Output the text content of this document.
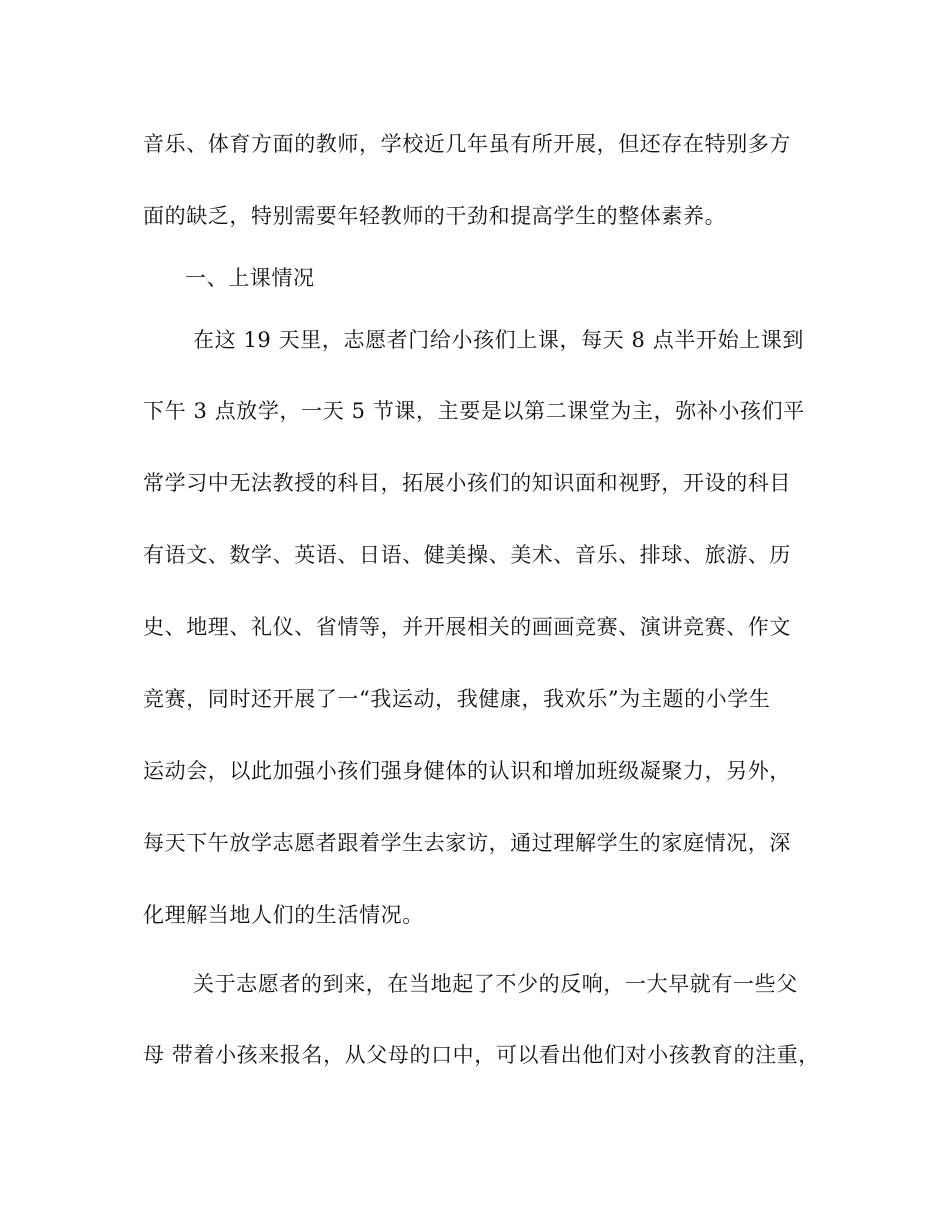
音乐、体育方面的教师，学校近几年虽有所开展，但还存在特别多方
面的缺乏，特别需要年轻教师的干劲和提高学生的整体素养。
一、上课情况
在这 19 天里，志愿者门给小孩们上课，每天 8 点半开始上课到
下午 3 点放学，一天 5 节课，主要是以第二课堂为主，弥补小孩们平
常学习中无法教授的科目，拓展小孩们的知识面和视野，开设的科目
有语文、数学、英语、日语、健美操、美术、音乐、排球、旅游、历
史、地理、礼仪、省情等，并开展相关的画画竞赛、演讲竞赛、作文
竞赛，同时还开展了一“我运动，我健康，我欢乐”为主题的小学生
运动会，以此加强小孩们强身健体的认识和增加班级凝聚力，另外，
每天下午放学志愿者跟着学生去家访，通过理解学生的家庭情况，深
化理解当地人们的生活情况。
关于志愿者的到来，在当地起了不少的反响，一大早就有一些父
母 带着小孩来报名，从父母的口中，可以看出他们对小孩教育的注重，
